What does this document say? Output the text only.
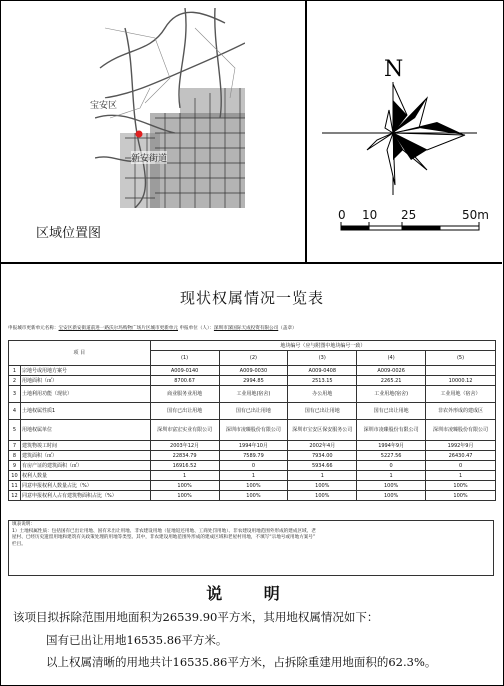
宝安区
新安街道
区域位置图
N
0 10 25	50m
现状权属情况一览表
申报城市更新单元名称：宝安区新安街道前进一路沃尔玛购物广场片区城市更新单元 申报单位（人）：深圳市深国际天成投资有限公司（盖章）
项 目		地块编号（应与附图中地块编号一致）				
		(1)	(2)	(3)	(4)	(5)
1	宗地号或用地方案号	A009-0140	A009-0030	A009-0408	A009-0026	
2	用地面积（㎡）	8700.67	2994.85	2513.15	2265.21	10000.12
3	土地利用功能（现状）	商业服务业用地	工业用地(宿舍)	办公用地	工业用地(宿舍)	工业用地（宿舍）
4	土地权属性质1	国有已出让用地	国有已出让用地	国有已出让用地	国有已出让用地	非农外形成的建成区
5	用地权属单位	深圳市富宏实业有限公司	深圳市凌臻股份有限公司	深圳市宝安区保安服务公司	深圳市凌臻股份有限公司	深圳市凌臻股份有限公司
7	建筑物竣工时间	2003年12月	1994年10月	2002年4月	1994年9月	1992年9月
8	建筑面积（㎡）	22834.79	7589.79	7934.00	5227.56	26430.47
9	有房产证的建筑面积（㎡）	16916.52	0	5934.66	0	0
10	权利人数量	1	1	1	1	1
11	同意申报权利人数量占比（%）	100%	100%	100%	100%	100%
12	同意申报权利人占有建筑物面积占比（%）	100%	100%	100%	100%	100%
填表说明：
1）土地权属性质：包括国有已出让用地、国有未出让用地、非农建设用地（征地返还用地、工商处罚用地）、非农建设用地范围外形成的建成区域、老
屋村、已经历史遗留用地和建筑有关政策处理的用地等类型。其中，非农建设用地范围外形成的建成区域和老屋村用地，不填写“宗地号或用地方案号”
栏目。
说 明
该项目拟拆除范围用地面积为26539.90平方米，其用地权属情况如下：
国有已出让用地16535.86平方米。
以上权属清晰的用地共计16535.86平方米，占拆除重建用地面积的62.3%。
